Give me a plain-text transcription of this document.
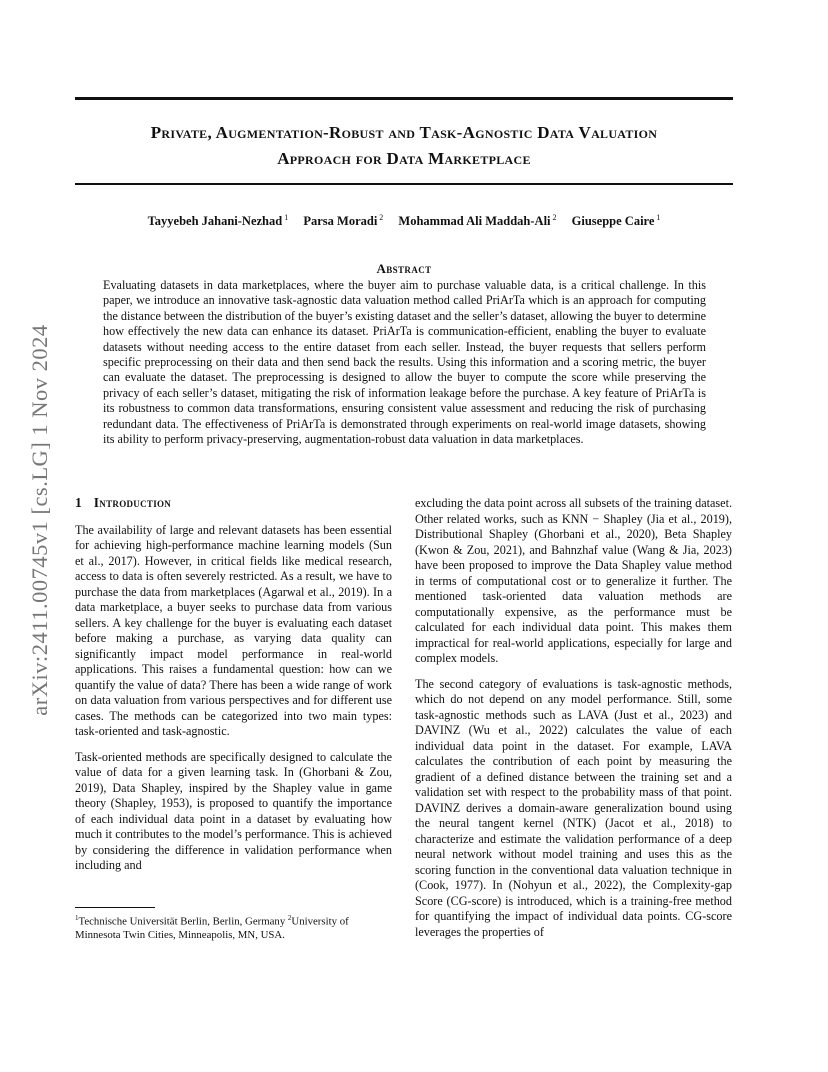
arXiv:2411.00745v1 [cs.LG] 1 Nov 2024
Private, Augmentation-Robust and Task-Agnostic Data Valuation
Approach for Data Marketplace
Tayyebeh Jahani-Nezhad $^1$ Parsa Moradi $^2$ Mohammad Ali Maddah-Ali $^2$ Giuseppe Caire $^1$
Abstract

Evaluating datasets in data marketplaces, where the buyer aim to purchase valuable data, is a critical challenge. In this paper, we introduce an innovative task-agnostic data valuation method called PriArTa which is an approach for computing the distance between the distribution of the buyer’s existing dataset and the seller’s dataset, allowing the buyer to determine how effectively the new data can enhance its dataset. PriArTa is communication-efficient, enabling the buyer to evaluate datasets without needing access to the entire dataset from each seller. Instead, the buyer requests that sellers perform specific preprocessing on their data and then send back the results. Using this information and a scoring metric, the buyer can evaluate the dataset. The preprocessing is designed to allow the buyer to compute the score while preserving the privacy of each seller’s dataset, mitigating the risk of information leakage before the purchase. A key feature of PriArTa is its robustness to common data transformations, ensuring consistent value assessment and reducing the risk of purchasing redundant data. The effectiveness of PriArTa is demonstrated through experiments on real-world image datasets, showing its ability to perform privacy-preserving, augmentation-robust data valuation in data marketplaces.

1 Introduction

The availability of large and relevant datasets has been essential for achieving high-performance machine learning models (Sun et al., 2017). However, in critical fields like medical research, access to data is often severely restricted. As a result, we have to purchase the data from marketplaces (Agarwal et al., 2019). In a data marketplace, a buyer seeks to purchase data from various sellers. A key challenge for the buyer is evaluating each dataset before making a purchase, as varying data quality can significantly impact model performance in real-world applications. This raises a fundamental question: how can we quantify the value of data? There has been a wide range of work on data valuation from various perspectives and for different use cases. The methods can be categorized into two main types: task-oriented and task-agnostic.

Task-oriented methods are specifically designed to calculate the value of data for a given learning task. In (Ghorbani & Zou, 2019), Data Shapley, inspired by the Shapley value in game theory (Shapley, 1953), is proposed to quantify the importance of each individual data point in a dataset by evaluating how much it contributes to the model’s performance. This is achieved by considering the difference in validation performance when including and

excluding the data point across all subsets of the training dataset. Other related works, such as KNN − Shapley (Jia et al., 2019), Distributional Shapley (Ghorbani et al., 2020), Beta Shapley (Kwon & Zou, 2021), and Bahnzhaf value (Wang & Jia, 2023) have been proposed to improve the Data Shapley value method in terms of computational cost or to generalize it further. The mentioned task-oriented data valuation methods are computationally expensive, as the performance must be calculated for each individual data point. This makes them impractical for real-world applications, especially for large and complex models.

The second category of evaluations is task-agnostic methods, which do not depend on any model performance. Still, some task-agnostic methods such as LAVA (Just et al., 2023) and DAVINZ (Wu et al., 2022) calculates the value of each individual data point in the dataset. For example, LAVA calculates the contribution of each point by measuring the gradient of a defined distance between the training set and a validation set with respect to the probability mass of that point. DAVINZ derives a domain-aware generalization bound using the neural tangent kernel (NTK) (Jacot et al., 2018) to characterize and estimate the validation performance of a deep neural network without model training and uses this as the scoring function in the conventional data valuation technique in (Cook, 1977). In (Nohyun et al., 2022), the Complexity-gap Score (CG-score) is introduced, which is a training-free method for quantifying the impact of individual data points. CG-score leverages the properties of

$^1$Technische Universität Berlin, Berlin, Germany $^2$University of Minnesota Twin Cities, Minneapolis, MN, USA.
